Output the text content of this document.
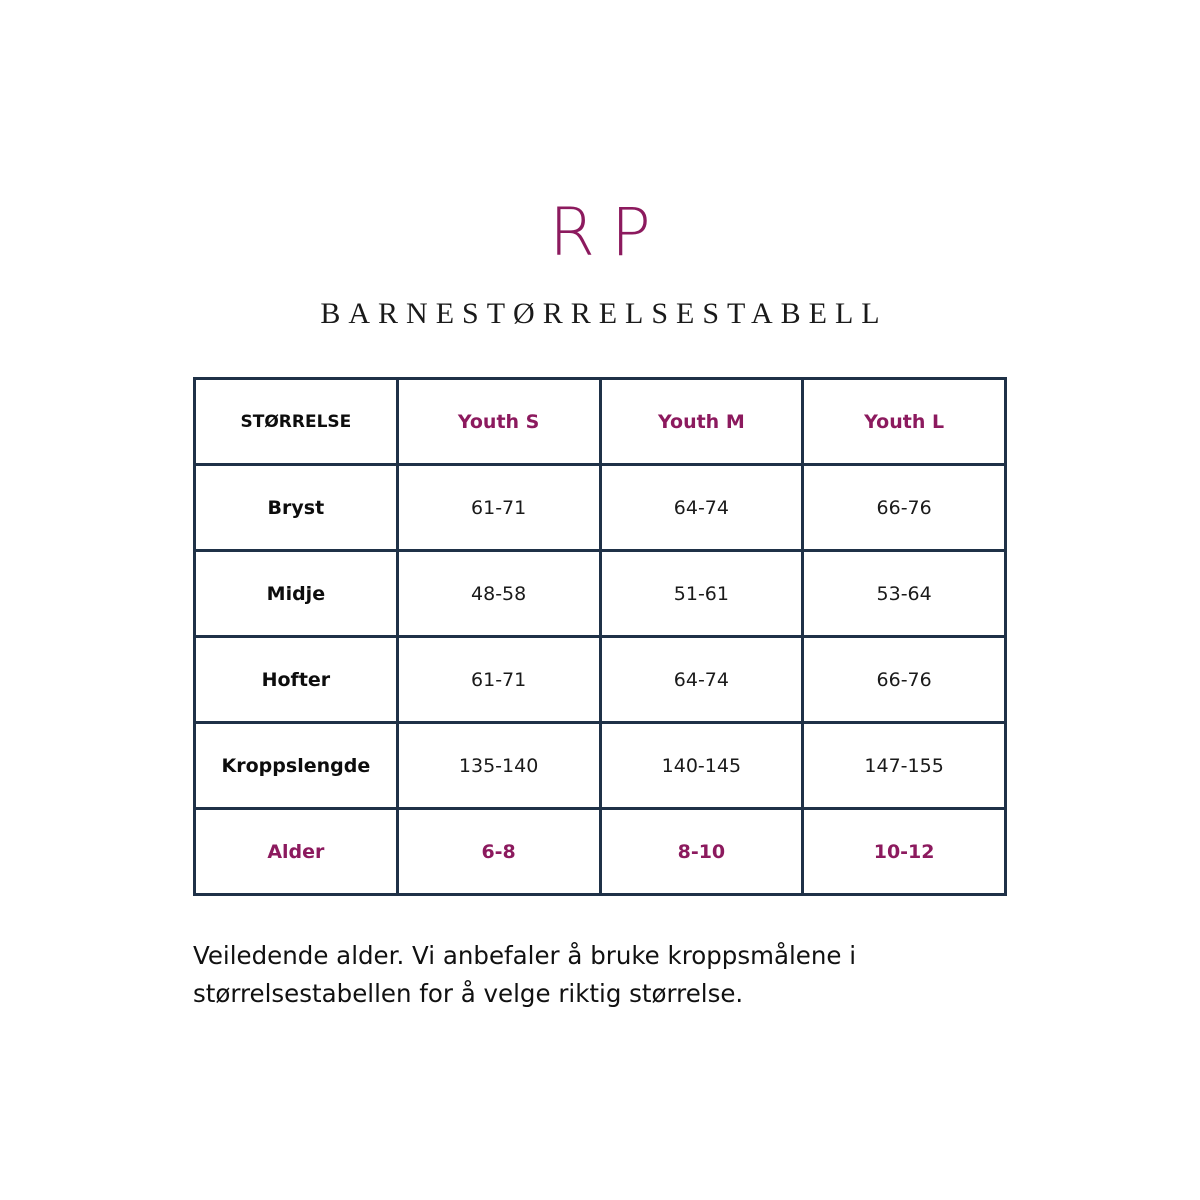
RP
BARNESTØRRELSESTABELL
STØRRELSE	Youth S	Youth M	Youth L
Bryst	61-71	64-74	66-76
Midje	48-58	51-61	53-64
Hofter	61-71	64-74	66-76
Kroppslengde	135-140	140-145	147-155
Alder	6-8	8-10	10-12
Veiledende alder. Vi anbefaler å bruke kroppsmålene i størrelsestabellen for å velge riktig størrelse.
